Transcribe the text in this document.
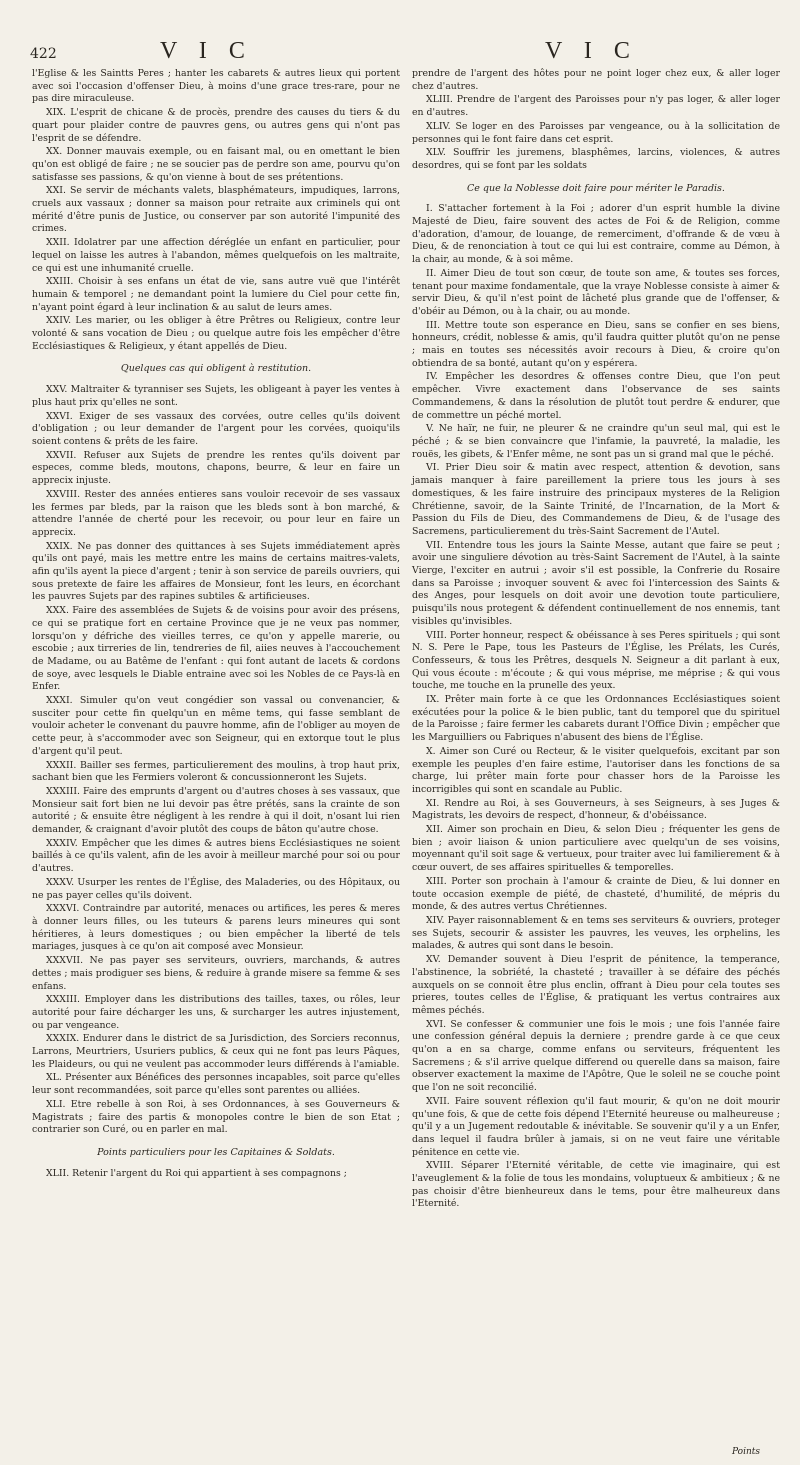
422	V I C	V I C

l'Eglise & les Saintts Peres ; hanter les cabarets & autres lieux qui portent avec soi l'occasion d'offenser Dieu, à moins d'une grace tres-rare, pour ne pas dire miraculeuse.

XIX. L'esprit de chicane & de procès, prendre des causes du tiers & du quart pour plaider contre de pauvres gens, ou autres gens qui n'ont pas l'esprit de se défendre.

XX. Donner mauvais exemple, ou en faisant mal, ou en omettant le bien qu'on est obligé de faire ; ne se soucier pas de perdre son ame, pourvu qu'on satisfasse ses passions, & qu'on vienne à bout de ses prétentions.

XXI. Se servir de méchants valets, blasphémateurs, impudiques, larrons, cruels aux vassaux ; donner sa maison pour retraite aux criminels qui ont mérité d'être punis de Justice, ou conserver par son autorité l'impunité des crimes.

XXII. Idolatrer par une affection déréglée un enfant en particulier, pour lequel on laisse les autres à l'abandon, mêmes quelquefois on les maltraite, ce qui est une inhumanité cruelle.

XXIII. Choisir à ses enfans un état de vie, sans autre vuë que l'intérêt humain & temporel ; ne demandant point la lumiere du Ciel pour cette fin, n'ayant point égard à leur inclination & au salut de leurs ames.

XXIV. Les marier, ou les obliger à être Prêtres ou Religieux, contre leur volonté & sans vocation de Dieu ; ou quelque autre fois les empêcher d'être Ecclésiastiques & Religieux, y étant appellés de Dieu.

Quelques cas qui obligent à restitution.

XXV. Maltraiter & tyranniser ses Sujets, les obligeant à payer les ventes à plus haut prix qu'elles ne sont.

XXVI. Exiger de ses vassaux des corvées, outre celles qu'ils doivent d'obligation ; ou leur demander de l'argent pour les corvées, quoiqu'ils soient contens & prêts de les faire.

XXVII. Refuser aux Sujets de prendre les rentes qu'ils doivent par especes, comme bleds, moutons, chapons, beurre, & leur en faire un apprecix injuste.

XXVIII. Rester des années entieres sans vouloir recevoir de ses vassaux les fermes par bleds, par la raison que les bleds sont à bon marché, & attendre l'année de cherté pour les recevoir, ou pour leur en faire un apprecix.

XXIX. Ne pas donner des quittances à ses Sujets immédiatement après qu'ils ont payé, mais les mettre entre les mains de certains maitres-valets, afin qu'ils ayent la piece d'argent ; tenir à son service de pareils ouvriers, qui sous pretexte de faire les affaires de Monsieur, font les leurs, en écorchant les pauvres Sujets par des rapines subtiles & artificieuses.

XXX. Faire des assemblées de Sujets & de voisins pour avoir des présens, ce qui se pratique fort en certaine Province que je ne veux pas nommer, lorsqu'on y défriche des vieilles terres, ce qu'on y appelle marerie, ou escobie ; aux tirreries de lin, tendreries de fil, aiies neuves à l'accouchement de Madame, ou au Batême de l'enfant : qui font autant de lacets & cordons de soye, avec lesquels le Diable entraine avec soi les Nobles de ce Pays-là en Enfer.

XXXI. Simuler qu'on veut congédier son vassal ou convenancier, & susciter pour cette fin quelqu'un en même tems, qui fasse semblant de vouloir acheter le convenant du pauvre homme, afin de l'obliger au moyen de cette peur, à s'accommoder avec son Seigneur, qui en extorque tout le plus d'argent qu'il peut.

XXXII. Bailler ses fermes, particulierement des moulins, à trop haut prix, sachant bien que les Fermiers voleront & concussionneront les Sujets.

XXXIII. Faire des emprunts d'argent ou d'autres choses à ses vassaux, que Monsieur sait fort bien ne lui devoir pas être prétés, sans la crainte de son autorité ; & ensuite être négligent à les rendre à qui il doit, n'osant lui rien demander, & craignant d'avoir plutôt des coups de bâton qu'autre chose.

XXXIV. Empêcher que les dimes & autres biens Ecclésiastiques ne soient baillés à ce qu'ils valent, afin de les avoir à meilleur marché pour soi ou pour d'autres.

XXXV. Usurper les rentes de l'Église, des Maladeries, ou des Hôpitaux, ou ne pas payer celles qu'ils doivent.

XXXVI. Contraindre par autorité, menaces ou artifices, les peres & meres à donner leurs filles, ou les tuteurs & parens leurs mineures qui sont héritieres, à leurs domestiques ; ou bien empêcher la liberté de tels mariages, jusques à ce qu'on ait composé avec Monsieur.

XXXVII. Ne pas payer ses serviteurs, ouvriers, marchands, & autres dettes ; mais prodiguer ses biens, & reduire à grande misere sa femme & ses enfans.

XXXIII. Employer dans les distributions des tailles, taxes, ou rôles, leur autorité pour faire décharger les uns, & surcharger les autres injustement, ou par vengeance.

XXXIX. Endurer dans le district de sa Jurisdiction, des Sorciers reconnus, Larrons, Meurtriers, Usuriers publics, & ceux qui ne font pas leurs Pâques, les Plaideurs, ou qui ne veulent pas accommoder leurs différends à l'amiable.

XL. Présenter aux Bénéfices des personnes incapables, soit parce qu'elles leur sont recommandées, soit parce qu'elles sont parentes ou alliées.

XLI. Etre rebelle à son Roi, à ses Ordonnances, à ses Gouverneurs & Magistrats ; faire des partis & monopoles contre le bien de son Etat ; contrarier son Curé, ou en parler en mal.

Points particuliers pour les Capitaines & Soldats.

XLII. Retenir l'argent du Roi qui appartient à ses compagnons ;

prendre de l'argent des hôtes pour ne point loger chez eux, & aller loger chez d'autres.

XLIII. Prendre de l'argent des Paroisses pour n'y pas loger, & aller loger en d'autres.

XLIV. Se loger en des Paroisses par vengeance, ou à la sollicitation de personnes qui le font faire dans cet esprit.

XLV. Souffrir les juremens, blasphêmes, larcins, violences, & autres desordres, qui se font par les soldats

Ce que la Noblesse doit faire pour mériter le Paradis.

I. S'attacher fortement à la Foi ; adorer d'un esprit humble la divine Majesté de Dieu, faire souvent des actes de Foi & de Religion, comme d'adoration, d'amour, de louange, de remerciment, d'offrande & de vœu à Dieu, & de renonciation à tout ce qui lui est contraire, comme au Démon, à la chair, au monde, & à soi même.

II. Aimer Dieu de tout son cœur, de toute son ame, & toutes ses forces, tenant pour maxime fondamentale, que la vraye Noblesse consiste à aimer & servir Dieu, & qu'il n'est point de lâcheté plus grande que de l'offenser, & d'obéir au Démon, ou à la chair, ou au monde.

III. Mettre toute son esperance en Dieu, sans se confier en ses biens, honneurs, crédit, noblesse & amis, qu'il faudra quitter plutôt qu'on ne pense ; mais en toutes ses nécessités avoir recours à Dieu, & croire qu'on obtiendra de sa bonté, autant qu'on y espérera.

IV. Empêcher les desordres & offenses contre Dieu, que l'on peut empêcher. Vivre exactement dans l'observance de ses saints Commandemens, & dans la résolution de plutôt tout perdre & endurer, que de commettre un péché mortel.

V. Ne haïr, ne fuir, ne pleurer & ne craindre qu'un seul mal, qui est le péché ; & se bien convaincre que l'infamie, la pauvreté, la maladie, les rouës, les gibets, & l'Enfer même, ne sont pas un si grand mal que le péché.

VI. Prier Dieu soir & matin avec respect, attention & devotion, sans jamais manquer à faire pareillement la priere tous les jours à ses domestiques, & les faire instruire des principaux mysteres de la Religion Chrétienne, savoir, de la Sainte Trinité, de l'Incarnation, de la Mort & Passion du Fils de Dieu, des Commandemens de Dieu, & de l'usage des Sacremens, particulierement du très-Saint Sacrement de l'Autel.

VII. Entendre tous les jours la Sainte Messe, autant que faire se peut ; avoir une singuliere dévotion au très-Saint Sacrement de l'Autel, à la sainte Vierge, l'exciter en autrui ; avoir s'il est possible, la Confrerie du Rosaire dans sa Paroisse ; invoquer souvent & avec foi l'intercession des Saints & des Anges, pour lesquels on doit avoir une devotion toute particuliere, puisqu'ils nous protegent & défendent continuellement de nos ennemis, tant visibles qu'invisibles.

VIII. Porter honneur, respect & obéissance à ses Peres spirituels ; qui sont N. S. Pere le Pape, tous les Pasteurs de l'Église, les Prélats, les Curés, Confesseurs, & tous les Prêtres, desquels N. Seigneur a dit parlant à eux, Qui vous écoute : m'écoute ; & qui vous méprise, me méprise ; & qui vous touche, me touche en la prunelle des yeux.

IX. Prêter main forte à ce que les Ordonnances Ecclésiastiques soient exécutées pour la police & le bien public, tant du temporel que du spirituel de la Paroisse ; faire fermer les cabarets durant l'Office Divin ; empêcher que les Marguilliers ou Fabriques n'abusent des biens de l'Église.

X. Aimer son Curé ou Recteur, & le visiter quelquefois, excitant par son exemple les peuples d'en faire estime, l'autoriser dans les fonctions de sa charge, lui prêter main forte pour chasser hors de la Paroisse les incorrigibles qui sont en scandale au Public.

XI. Rendre au Roi, à ses Gouverneurs, à ses Seigneurs, à ses Juges & Magistrats, les devoirs de respect, d'honneur, & d'obéissance.

XII. Aimer son prochain en Dieu, & selon Dieu ; fréquenter les gens de bien ; avoir liaison & union particuliere avec quelqu'un de ses voisins, moyennant qu'il soit sage & vertueux, pour traiter avec lui familierement & à cœur ouvert, de ses affaires spirituelles & temporelles.

XIII. Porter son prochain à l'amour & crainte de Dieu, & lui donner en toute occasion exemple de piété, de chasteté, d'humilité, de mépris du monde, & des autres vertus Chrétiennes.

XIV. Payer raisonnablement & en tems ses serviteurs & ouvriers, proteger ses Sujets, secourir & assister les pauvres, les veuves, les orphelins, les malades, & autres qui sont dans le besoin.

XV. Demander souvent à Dieu l'esprit de pénitence, la temperance, l'abstinence, la sobriété, la chasteté ; travailler à se défaire des péchés auxquels on se connoit être plus enclin, offrant à Dieu pour cela toutes ses prieres, toutes celles de l'Église, & pratiquant les vertus contraires aux mêmes péchés.

XVI. Se confesser & communier une fois le mois ; une fois l'année faire une confession général depuis la derniere ; prendre garde à ce que ceux qu'on a en sa charge, comme enfans ou serviteurs, fréquentent les Sacremens ; & s'il arrive quelque differend ou querelle dans sa maison, faire observer exactement la maxime de l'Apôtre, Que le soleil ne se couche point que l'on ne soit reconcilié.

XVII. Faire souvent réflexion qu'il faut mourir, & qu'on ne doit mourir qu'une fois, & que de cette fois dépend l'Eternité heureuse ou malheureuse ; qu'il y a un Jugement redoutable & inévitable. Se souvenir qu'il y a un Enfer, dans lequel il faudra brûler à jamais, si on ne veut faire une véritable pénitence en cette vie.

XVIII. Séparer l'Eternité véritable, de cette vie imaginaire, qui est l'aveuglement & la folie de tous les mondains, voluptueux & ambitieux ; & ne pas choisir d'être bienheureux dans le tems, pour être malheureux dans l'Eternité.

Points
